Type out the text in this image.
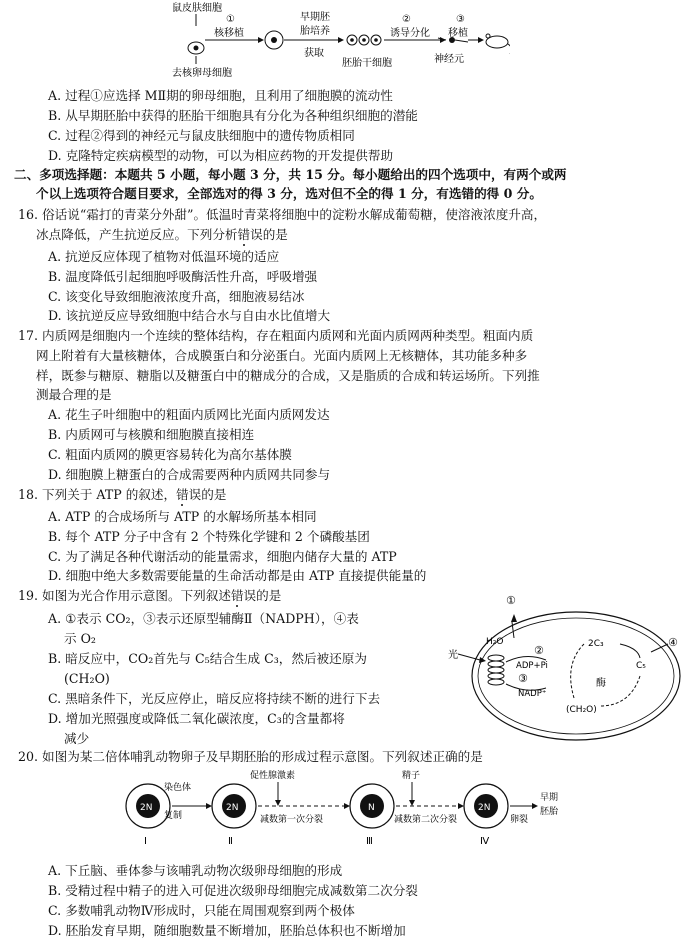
鼠皮肤细胞
去核卵母细胞
①
核移植
早期胚
胎培养
获取
胚胎干细胞
②
诱导分化
神经元
③
移植
A. 过程①应选择 MⅡ期的卵母细胞，且利用了细胞膜的流动性
B. 从早期胚胎中获得的胚胎干细胞具有分化为各种组织细胞的潜能
C. 过程②得到的神经元与鼠皮肤细胞中的遗传物质相同
D. 克隆特定疾病模型的动物，可以为相应药物的开发提供帮助
二、多项选择题：本题共 5 小题，每小题 3 分，共 15 分。每小题给出的四个选项中，有两个或两
个以上选项符合题目要求，全部选对的得 3 分，选对但不全的得 1 分，有选错的得 0 分。
16. 俗话说“霜打的青菜分外甜”。低温时青菜将细胞中的淀粉水解成葡萄糖，使溶液浓度升高，
冰点降低，产生抗逆反应。下列分析错误的是
A. 抗逆反应体现了植物对低温环境的适应
B. 温度降低引起细胞呼吸酶活性升高，呼吸增强
C. 该变化导致细胞液浓度升高，细胞液易结冰
D. 该抗逆反应导致细胞中结合水与自由水比值增大
17. 内质网是细胞内一个连续的整体结构，存在粗面内质网和光面内质网两种类型。粗面内质
网上附着有大量核糖体，合成膜蛋白和分泌蛋白。光面内质网上无核糖体，其功能多种多
样，既参与糖原、糖脂以及糖蛋白中的糖成分的合成，又是脂质的合成和转运场所。下列推
测最合理的是
A. 花生子叶细胞中的粗面内质网比光面内质网发达
B. 内质网可与核膜和细胞膜直接相连
C. 粗面内质网的膜更容易转化为高尔基体膜
D. 细胞膜上糖蛋白的合成需要两种内质网共同参与
18. 下列关于 ATP 的叙述，错误的是
A. ATP 的合成场所与 ATP 的水解场所基本相同
B. 每个 ATP 分子中含有 2 个特殊化学键和 2 个磷酸基团
C. 为了满足各种代谢活动的能量需求，细胞内储存大量的 ATP
D. 细胞中绝大多数需要能量的生命活动都是由 ATP 直接提供能量的
19. 如图为光合作用示意图。下列叙述错误的是
A. ①表示 CO₂，③表示还原型辅酶Ⅱ（NADPH），④表
示 O₂
B. 暗反应中，CO₂首先与 C₅结合生成 C₃，然后被还原为
(CH₂O)
C. 黑暗条件下，光反应停止，暗反应将持续不断的进行下去
D. 增加光照强度或降低二氧化碳浓度，C₃的含量都将
减少
光
H₂O
①
②
ADP+Pi
③
NADP⁺
酶
2C₃
C₅
(CH₂O)
④
20. 如图为某二倍体哺乳动物卵子及早期胚胎的形成过程示意图。下列叙述正确的是
2N
Ⅰ
染色体
复制
2N
Ⅱ
促性腺激素
减数第一次分裂
N
Ⅲ
精子
减数第二次分裂
2N
Ⅳ
卵裂
早期
胚胎
A. 下丘脑、垂体参与该哺乳动物次级卵母细胞的形成
B. 受精过程中精子的进入可促进次级卵母细胞完成减数第二次分裂
C. 多数哺乳动物Ⅳ形成时，只能在周围观察到两个极体
D. 胚胎发育早期，随细胞数量不断增加，胚胎总体积也不断增加
